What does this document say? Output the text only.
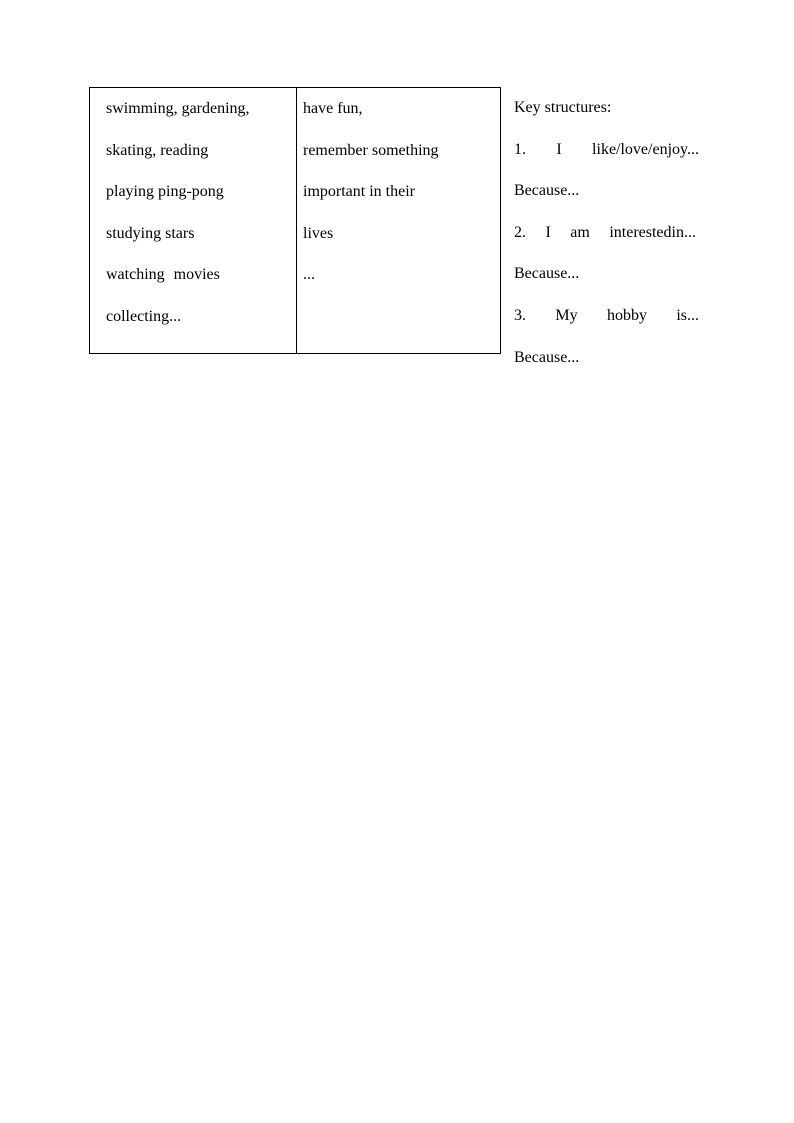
swimming, gardening,
skating, reading
playing ping-pong
studying stars
watching movies
collecting...
have fun,
remember something
important in their
lives
...
Key structures:
1. I like/love/enjoy...
Because...
2. I am interestedin...
Because...
3. My hobby is...
Because...
